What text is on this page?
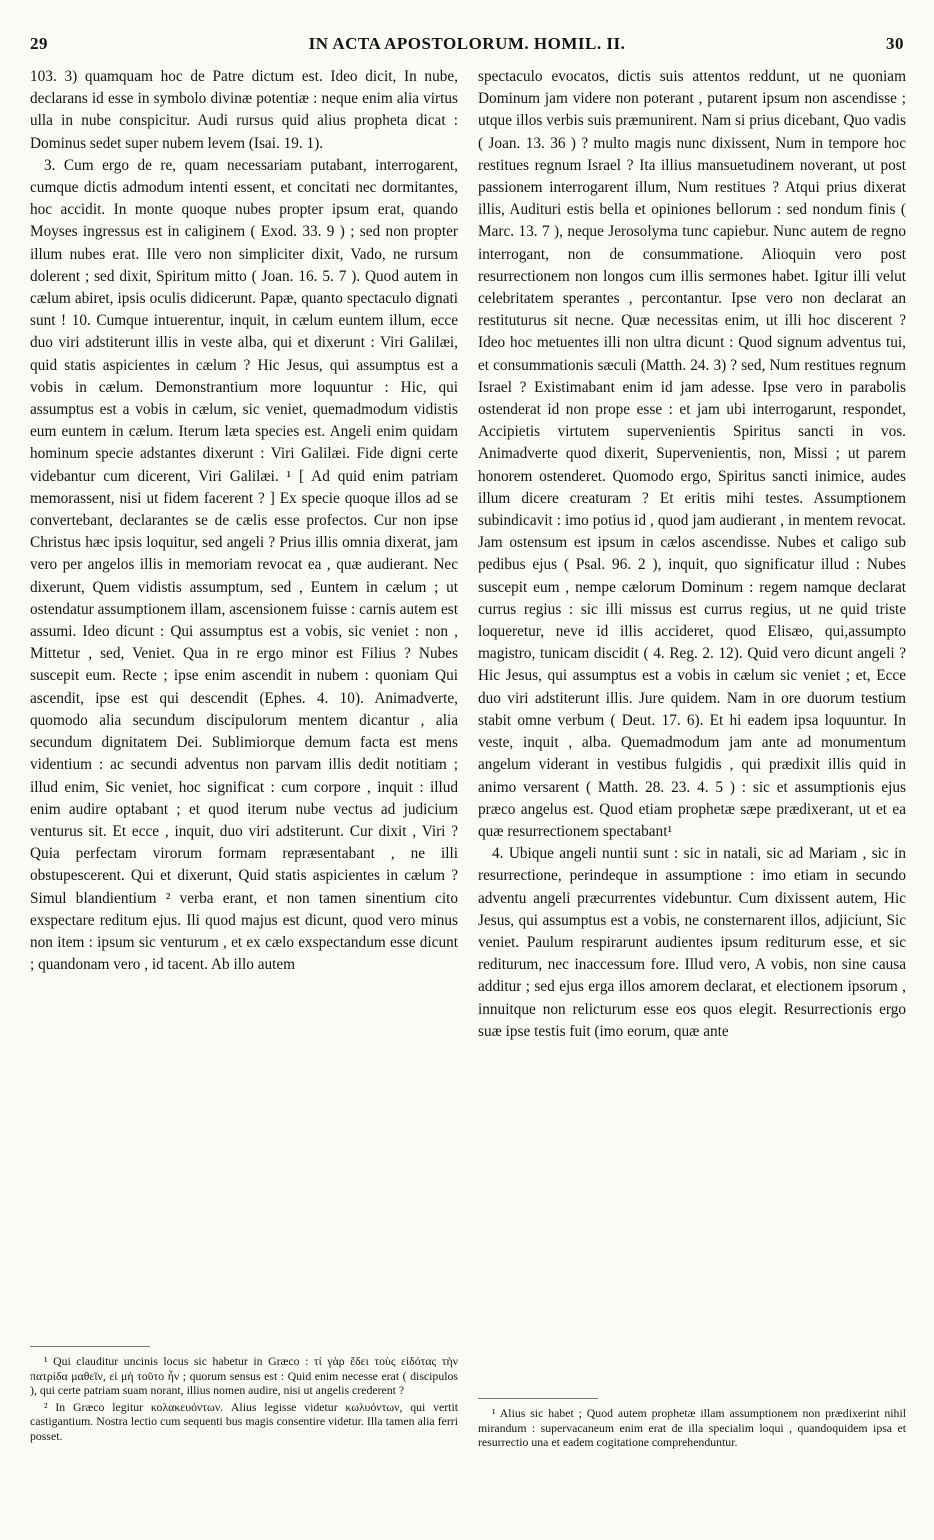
29	IN ACTA APOSTOLORUM. HOMIL. II.	30

103. 3) quamquam hoc de Patre dictum est. Ideo dicit, In nube, declarans id esse in symbolo divinæ potentiæ : neque enim alia virtus ulla in nube conspicitur. Audi rursus quid alius propheta dicat : Dominus sedet super nubem levem (Isai. 19. 1).

3. Cum ergo de re, quam necessariam putabant, interrogarent, cumque dictis admodum intenti essent, et concitati nec dormitantes, hoc accidit. In monte quoque nubes propter ipsum erat, quando Moyses ingressus est in caliginem ( Exod. 33. 9 ) ; sed non propter illum nubes erat. Ille vero non simpliciter dixit, Vado, ne rursum dolerent ; sed dixit, Spiritum mitto ( Joan. 16. 5. 7 ). Quod autem in cælum abiret, ipsis oculis didicerunt. Papæ, quanto spectaculo dignati sunt ! 10. Cumque intuerentur, inquit, in cælum euntem illum, ecce duo viri adstiterunt illis in veste alba, qui et dixerunt : Viri Galilæi, quid statis aspicientes in cælum ? Hic Jesus, qui assumptus est a vobis in cælum. Demonstrantium more loquuntur : Hic, qui assumptus est a vobis in cælum, sic veniet, quemadmodum vidistis eum euntem in cælum. Iterum læta species est. Angeli enim quidam hominum specie adstantes dixerunt : Viri Galilæi. Fide digni certe videbantur cum dicerent, Viri Galilæi. ¹ [ Ad quid enim patriam memorassent, nisi ut fidem facerent ? ] Ex specie quoque illos ad se convertebant, declarantes se de cælis esse profectos. Cur non ipse Christus hæc ipsis loquitur, sed angeli ? Prius illis omnia dixerat, jam vero per angelos illis in memoriam revocat ea , quæ audierant. Nec dixerunt, Quem vidistis assumptum, sed , Euntem in cælum ; ut ostendatur assumptionem illam, ascensionem fuisse : carnis autem est assumi. Ideo dicunt : Qui assumptus est a vobis, sic veniet : non , Mittetur , sed, Veniet. Qua in re ergo minor est Filius ? Nubes suscepit eum. Recte ; ipse enim ascendit in nubem : quoniam Qui ascendit, ipse est qui descendit (Ephes. 4. 10). Animadverte, quomodo alia secundum discipulorum mentem dicantur , alia secundum dignitatem Dei. Sublimiorque demum facta est mens videntium : ac secundi adventus non parvam illis dedit notitiam ; illud enim, Sic veniet, hoc significat : cum corpore , inquit : illud enim audire optabant ; et quod iterum nube vectus ad judicium venturus sit. Et ecce , inquit, duo viri adstiterunt. Cur dixit , Viri ? Quia perfectam virorum formam repræsentabant , ne illi obstupescerent. Qui et dixerunt, Quid statis aspicientes in cælum ? Simul blandientium ² verba erant, et non tamen sinentium cito exspectare reditum ejus. Ili quod majus est dicunt, quod vero minus non item : ipsum sic venturum , et ex cælo exspectandum esse dicunt ; quandonam vero , id tacent. Ab illo autem

spectaculo evocatos, dictis suis attentos reddunt, ut ne quoniam Dominum jam videre non poterant , putarent ipsum non ascendisse ; utque illos verbis suis præmunirent. Nam si prius dicebant, Quo vadis ( Joan. 13. 36 ) ? multo magis nunc dixissent, Num in tempore hoc restitues regnum Israel ? Ita illius mansuetudinem noverant, ut post passionem interrogarent illum, Num restitues ? Atqui prius dixerat illis, Audituri estis bella et opiniones bellorum : sed nondum finis ( Marc. 13. 7 ), neque Jerosolyma tunc capiebur. Nunc autem de regno interrogant, non de consummatione. Alioquin vero post resurrectionem non longos cum illis sermones habet. Igitur illi velut celebritatem sperantes , percontantur. Ipse vero non declarat an restituturus sit necne. Quæ necessitas enim, ut illi hoc discerent ? Ideo hoc metuentes illi non ultra dicunt : Quod signum adventus tui, et consummationis sæculi (Matth. 24. 3) ? sed, Num restitues regnum Israel ? Existimabant enim id jam adesse. Ipse vero in parabolis ostenderat id non prope esse : et jam ubi interrogarunt, respondet, Accipietis virtutem supervenientis Spiritus sancti in vos. Animadverte quod dixerit, Supervenientis, non, Missi ; ut parem honorem ostenderet. Quomodo ergo, Spiritus sancti inimice, audes illum dicere creaturam ? Et eritis mihi testes. Assumptionem subindicavit : imo potius id , quod jam audierant , in mentem revocat. Jam ostensum est ipsum in cælos ascendisse. Nubes et caligo sub pedibus ejus ( Psal. 96. 2 ), inquit, quo significatur illud : Nubes suscepit eum , nempe cælorum Dominum : regem namque declarat currus regius : sic illi missus est currus regius, ut ne quid triste loqueretur, neve id illis accideret, quod Elisæo, qui,assumpto magistro, tunicam discidit ( 4. Reg. 2. 12). Quid vero dicunt angeli ? Hic Jesus, qui assumptus est a vobis in cælum sic veniet ; et, Ecce duo viri adstiterunt illis. Jure quidem. Nam in ore duorum testium stabit omne verbum ( Deut. 17. 6). Et hi eadem ipsa loquuntur. In veste, inquit , alba. Quemadmodum jam ante ad monumentum angelum viderant in vestibus fulgidis , qui prædixit illis quid in animo versarent ( Matth. 28. 23. 4. 5 ) : sic et assumptionis ejus præco angelus est. Quod etiam prophetæ sæpe prædixerant, ut et ea quæ resurrectionem spectabant¹

4. Ubique angeli nuntii sunt : sic in natali, sic ad Mariam , sic in resurrectione, perindeque in assumptione : imo etiam in secundo adventu angeli præcurrentes videbuntur. Cum dixissent autem, Hic Jesus, qui assumptus est a vobis, ne consternarent illos, adjiciunt, Sic veniet. Paulum respirarunt audientes ipsum rediturum esse, et sic rediturum, nec inaccessum fore. Illud vero, A vobis, non sine causa additur ; sed ejus erga illos amorem declarat, et electionem ipsorum , innuitque non relicturum esse eos quos elegit. Resurrectionis ergo suæ ipse testis fuit (imo eorum, quæ ante

¹ Qui clauditur uncinis locus sic habetur in Græco : τί γὰρ ἔδει τοὺς εἰδότας τὴν πατρίδα μαθεῖν, εἰ μὴ τοῦτο ἦν ; quorum sensus est : Quid enim necesse erat ( discipulos ), qui certe patriam suam norant, illius nomen audire, nisi ut angelis crederent ?

² In Græco legitur κολακευόντων. Alius legisse videtur κωλυόντων, qui vertit castigantium. Nostra lectio cum sequenti bus magis consentire videtur. Illa tamen alia ferri posset.

¹ Alius sic habet ; Quod autem prophetæ illam assumptionem non prædixerint nihil mirandum : supervacaneum enim erat de illa specialim loqui , quandoquidem ipsa et resurrectio una et eadem cogitatione comprehenduntur.
